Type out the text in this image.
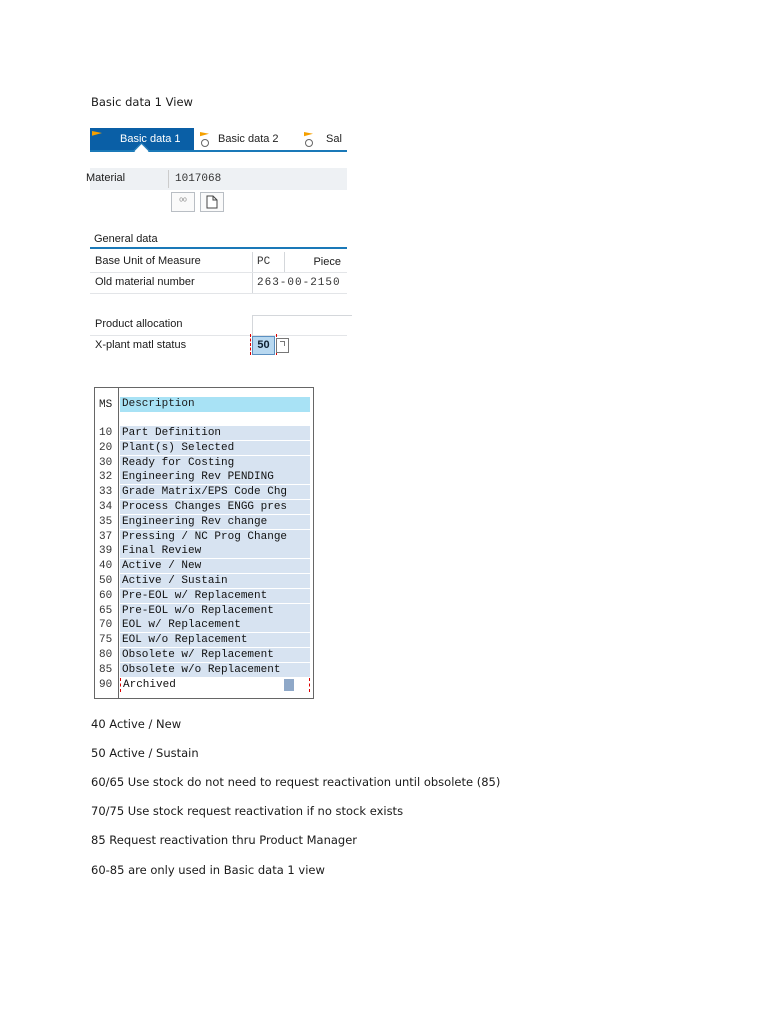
Basic data 1 View
Basic data 1	Basic data 2	Sal
Material	1017068
ᵒᵒ
General data
Base Unit of Measure	PC	Piece
Old material number	263-00-2150
Product allocation
X-plant matl status	50
MS Description
10 Part Definition
20 Plant(s) Selected
30 Ready for Costing
32 Engineering Rev PENDING
33 Grade Matrix/EPS Code Chg
34 Process Changes ENGG pres
35 Engineering Rev change
37 Pressing / NC Prog Change
39 Final Review
40 Active / New
50 Active / Sustain
60 Pre-EOL w/ Replacement
65 Pre-EOL w/o Replacement
70 EOL w/ Replacement
75 EOL w/o Replacement
80 Obsolete w/ Replacement
85 Obsolete w/o Replacement
90 Archived
40 Active / New
50 Active / Sustain
60/65 Use stock do not need to request reactivation until obsolete (85)
70/75 Use stock request reactivation if no stock exists
85 Request reactivation thru Product Manager
60-85 are only used in Basic data 1 view
